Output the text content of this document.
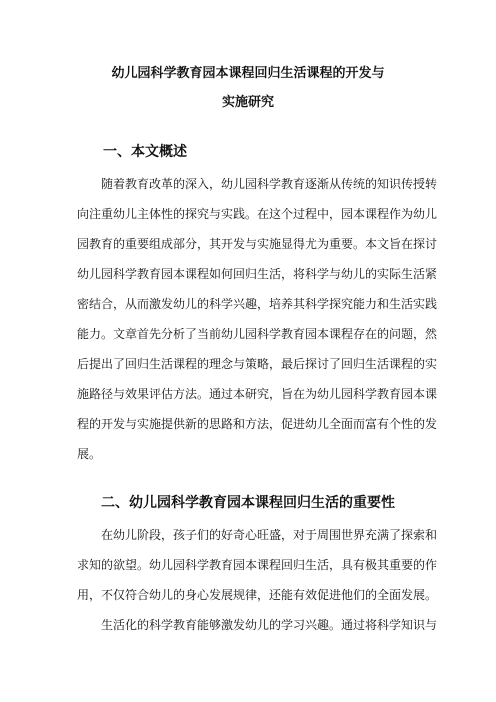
幼儿园科学教育园本课程回归生活课程的开发与
实施研究
一、本文概述
随着教育改革的深入，幼儿园科学教育逐渐从传统的知识传授转
向注重幼儿主体性的探究与实践。在这个过程中，园本课程作为幼儿
园教育的重要组成部分，其开发与实施显得尤为重要。本文旨在探讨
幼儿园科学教育园本课程如何回归生活，将科学与幼儿的实际生活紧
密结合，从而激发幼儿的科学兴趣，培养其科学探究能力和生活实践
能力。文章首先分析了当前幼儿园科学教育园本课程存在的问题，然
后提出了回归生活课程的理念与策略，最后探讨了回归生活课程的实
施路径与效果评估方法。通过本研究，旨在为幼儿园科学教育园本课
程的开发与实施提供新的思路和方法，促进幼儿全面而富有个性的发
展。
二、幼儿园科学教育园本课程回归生活的重要性
在幼儿阶段，孩子们的好奇心旺盛，对于周围世界充满了探索和
求知的欲望。幼儿园科学教育园本课程回归生活，具有极其重要的作
用，不仅符合幼儿的身心发展规律，还能有效促进他们的全面发展。
生活化的科学教育能够激发幼儿的学习兴趣。通过将科学知识与
